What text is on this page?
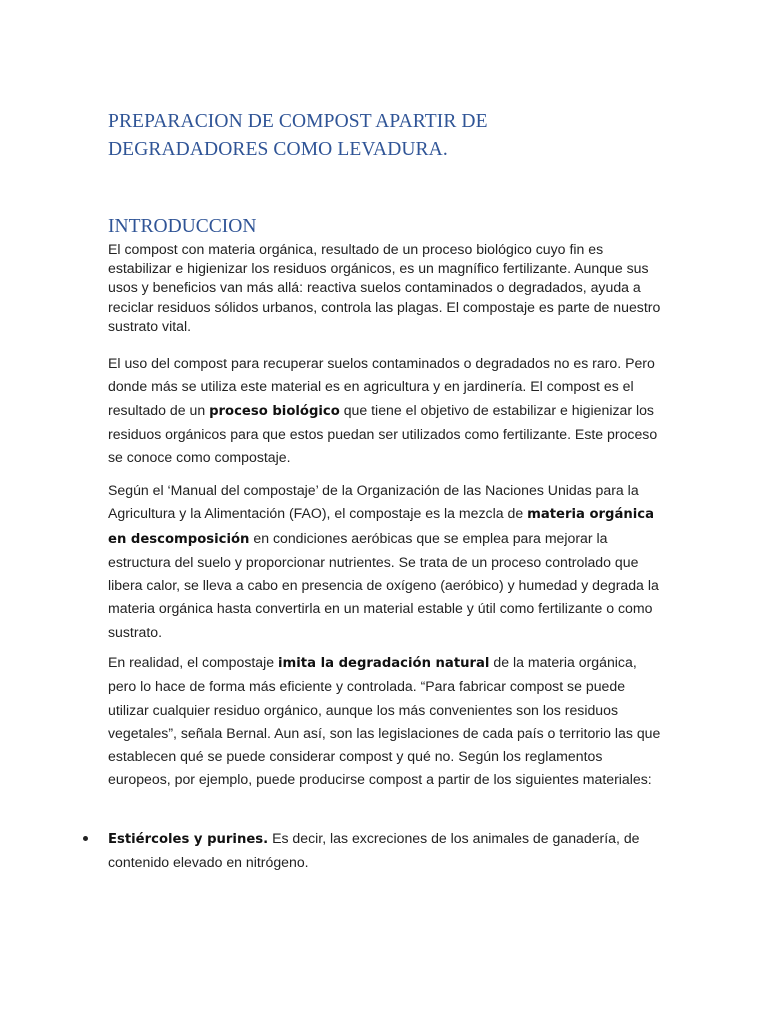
PREPARACION DE COMPOST APARTIR DE
DEGRADADORES COMO LEVADURA.
INTRODUCCION

El compost con materia orgánica, resultado de un proceso biológico cuyo fin es estabilizar e higienizar los residuos orgánicos, es un magnífico fertilizante. Aunque sus usos y beneficios van más allá: reactiva suelos contaminados o degradados, ayuda a reciclar residuos sólidos urbanos, controla las plagas. El compostaje es parte de nuestro sustrato vital.

El uso del compost para recuperar suelos contaminados o degradados no es raro. Pero donde más se utiliza este material es en agricultura y en jardinería. El compost es el resultado de un proceso biológico que tiene el objetivo de estabilizar e higienizar los residuos orgánicos para que estos puedan ser utilizados como fertilizante. Este proceso se conoce como compostaje.

Según el ‘Manual del compostaje’ de la Organización de las Naciones Unidas para la Agricultura y la Alimentación (FAO), el compostaje es la mezcla de materia orgánica en descomposición en condiciones aeróbicas que se emplea para mejorar la estructura del suelo y proporcionar nutrientes. Se trata de un proceso controlado que libera calor, se lleva a cabo en presencia de oxígeno (aeróbico) y humedad y degrada la materia orgánica hasta convertirla en un material estable y útil como fertilizante o como sustrato.

En realidad, el compostaje imita la degradación natural de la materia orgánica, pero lo hace de forma más eficiente y controlada. “Para fabricar compost se puede utilizar cualquier residuo orgánico, aunque los más convenientes son los residuos vegetales”, señala Bernal. Aun así, son las legislaciones de cada país o territorio las que establecen qué se puede considerar compost y qué no. Según los reglamentos europeos, por ejemplo, puede producirse compost a partir de los siguientes materiales:

Estiércoles y purines. Es decir, las excreciones de los animales de ganadería, de contenido elevado en nitrógeno.
